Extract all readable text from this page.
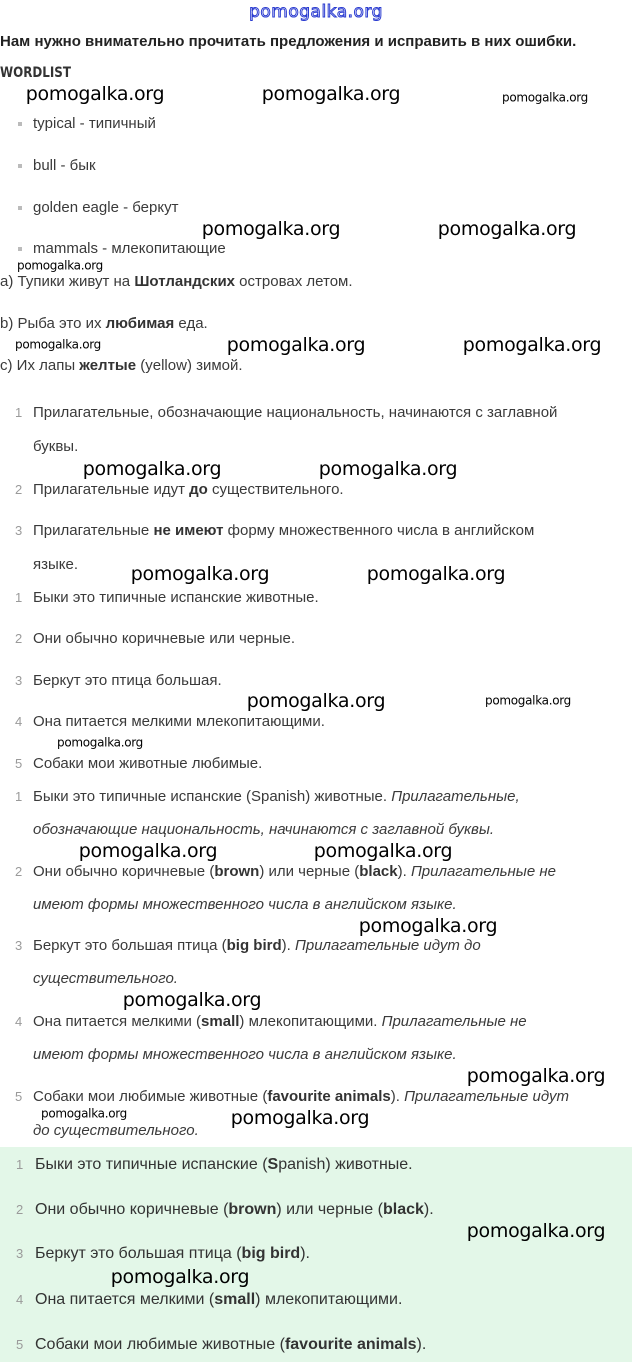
pomogalka.org
Нам нужно внимательно прочитать предложения и исправить в них ошибки.
WORDLIST
typical - типичный
bull - бык
golden eagle - беркут
mammals - млекопитающие
a) Тупики живут на Шотландских островах летом.
b) Рыба это их любимая еда.
c) Их лапы желтые (yellow) зимой.
1 Прилагательные, обозначающие национальность, начинаются с заглавной
буквы.
2 Прилагательные идут до существительного.
3 Прилагательные не имеют форму множественного числа в английском
языке.
1 Быки это типичные испанские животные.
2 Они обычно коричневые или черные.
3 Беркут это птица большая.
4 Она питается мелкими млекопитающими.
5 Собаки мои животные любимые.
1 Быки это типичные испанские (Spanish) животные. Прилагательные,
обозначающие национальность, начинаются с заглавной буквы.
2 Они обычно коричневые (brown) или черные (black). Прилагательные не
имеют формы множественного числа в английском языке.
3 Беркут это большая птица (big bird). Прилагательные идут до
существительного.
4 Она питается мелкими (small) млекопитающими. Прилагательные не
имеют формы множественного числа в английском языке.
5 Собаки мои любимые животные (favourite animals). Прилагательные идут
до существительного.
1 Быки это типичные испанские (Spanish) животные.
2 Они обычно коричневые (brown) или черные (black).
3 Беркут это большая птица (big bird).
4 Она питается мелкими (small) млекопитающими.
5 Собаки мои любимые животные (favourite animals).
pomogalka.org	pomogalka.org	pomogalka.org
pomogalka.org	pomogalka.org
pomogalka.org
pomogalka.org	pomogalka.org
pomogalka.org
pomogalka.org	pomogalka.org
pomogalka.org	pomogalka.org
pomogalka.org	pomogalka.org
pomogalka.org
pomogalka.org
pomogalka.org
pomogalka.org
pomogalka.org
pomogalka.org
pomogalka.org	pomogalka.org
pomogalka.org
pomogalka.org
